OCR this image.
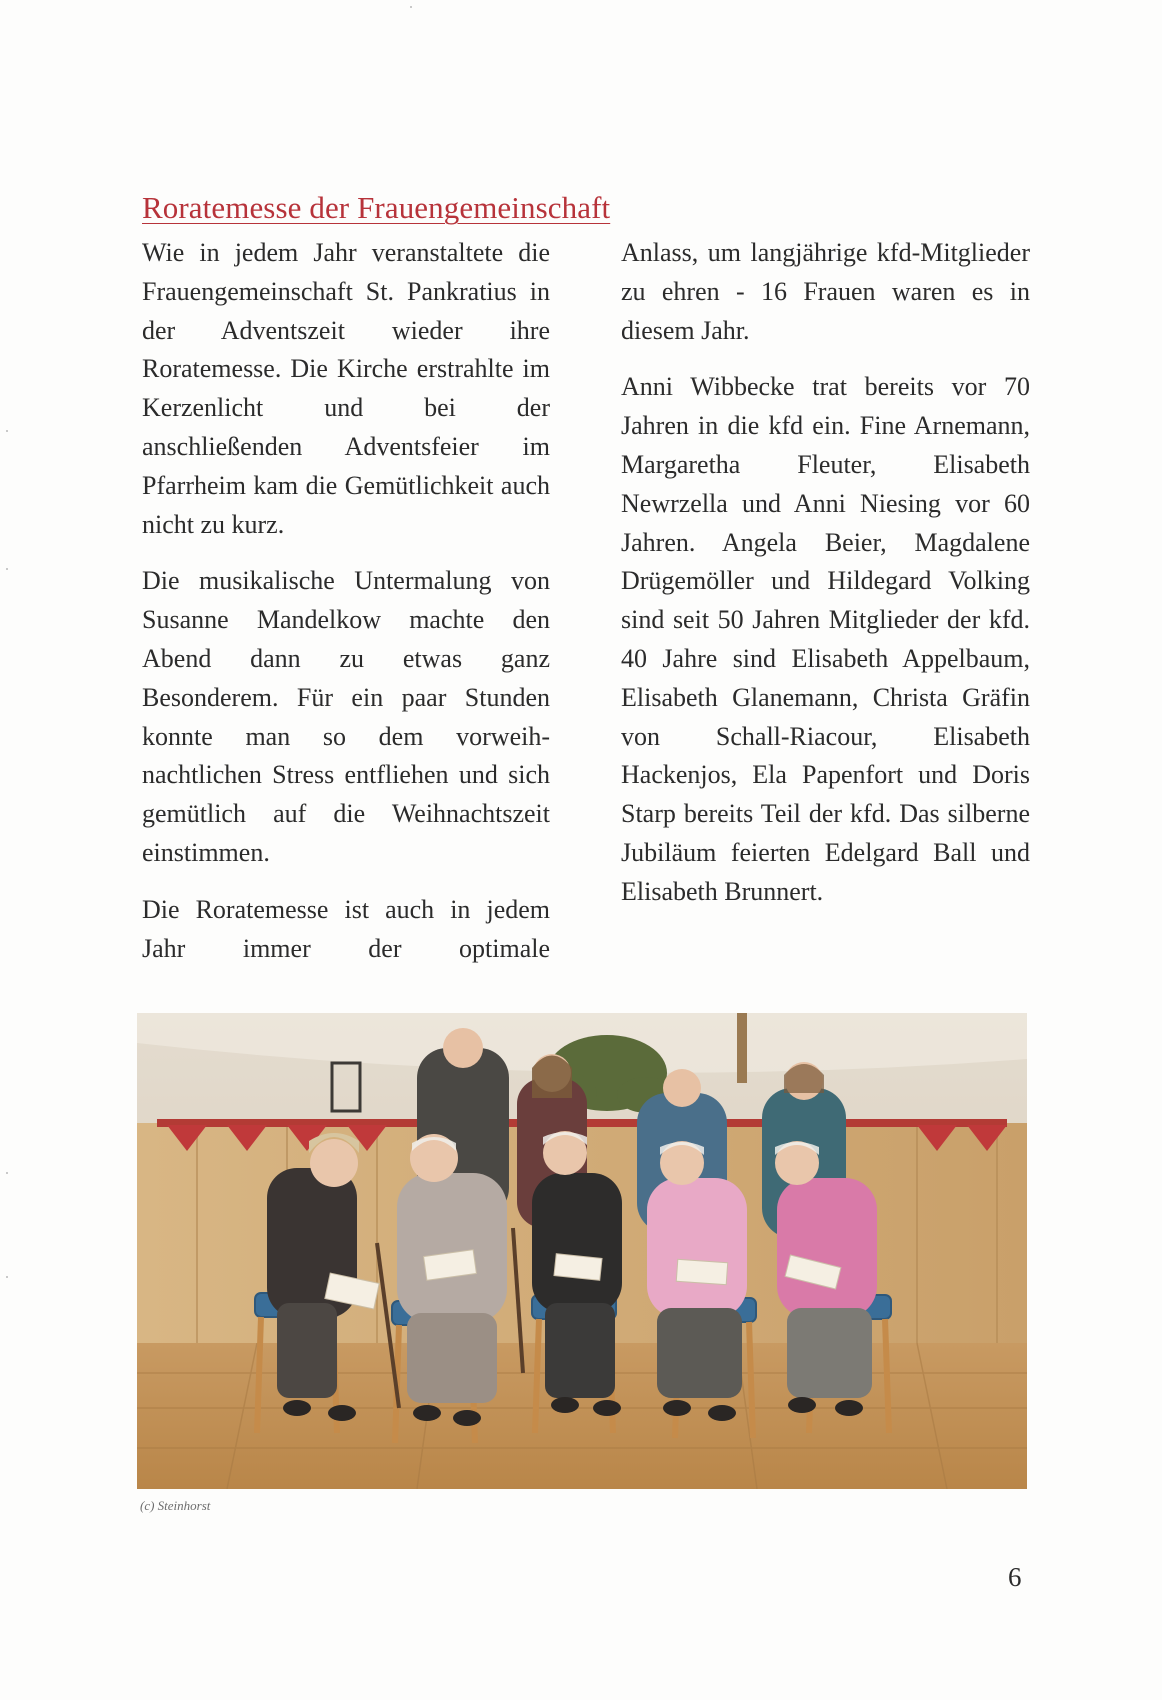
Roratemesse der Frauengemeinschaft

Wie in jedem Jahr veranstaltete die Frauengemeinschaft St. Pankratius in der Adventszeit wieder ihre Roratemesse. Die Kirche erstrahlte im Kerzenlicht und bei der anschließenden Adventsfeier im Pfarrheim kam die Gemütlichkeit auch nicht zu kurz.

Die musikalische Untermalung von Susanne Mandelkow machte den Abend dann zu etwas ganz Besonderem. Für ein paar Stunden konnte man so dem vorweihnachtlichen Stress entfliehen und sich gemütlich auf die Weihnachtszeit einstimmen.

Die Roratemesse ist auch in jedem Jahr immer der optimale

Anlass, um langjährige kfd-Mitglieder zu ehren - 16 Frauen waren es in diesem Jahr.

Anni Wibbecke trat bereits vor 70 Jahren in die kfd ein. Fine Arnemann, Margaretha Fleuter, Elisabeth Newrzella und Anni Niesing vor 60 Jahren. Angela Beier, Magdalene Drügemöller und Hildegard Volking sind seit 50 Jahren Mitglieder der kfd. 40 Jahre sind Elisabeth Appelbaum, Elisabeth Glanemann, Christa Gräfin von Schall-Riacour, Elisabeth Hackenjos, Ela Papenfort und Doris Starp bereits Teil der kfd. Das silberne Jubiläum feierten Edelgard Ball und Elisabeth Brunnert.

(c) Steinhorst
6
